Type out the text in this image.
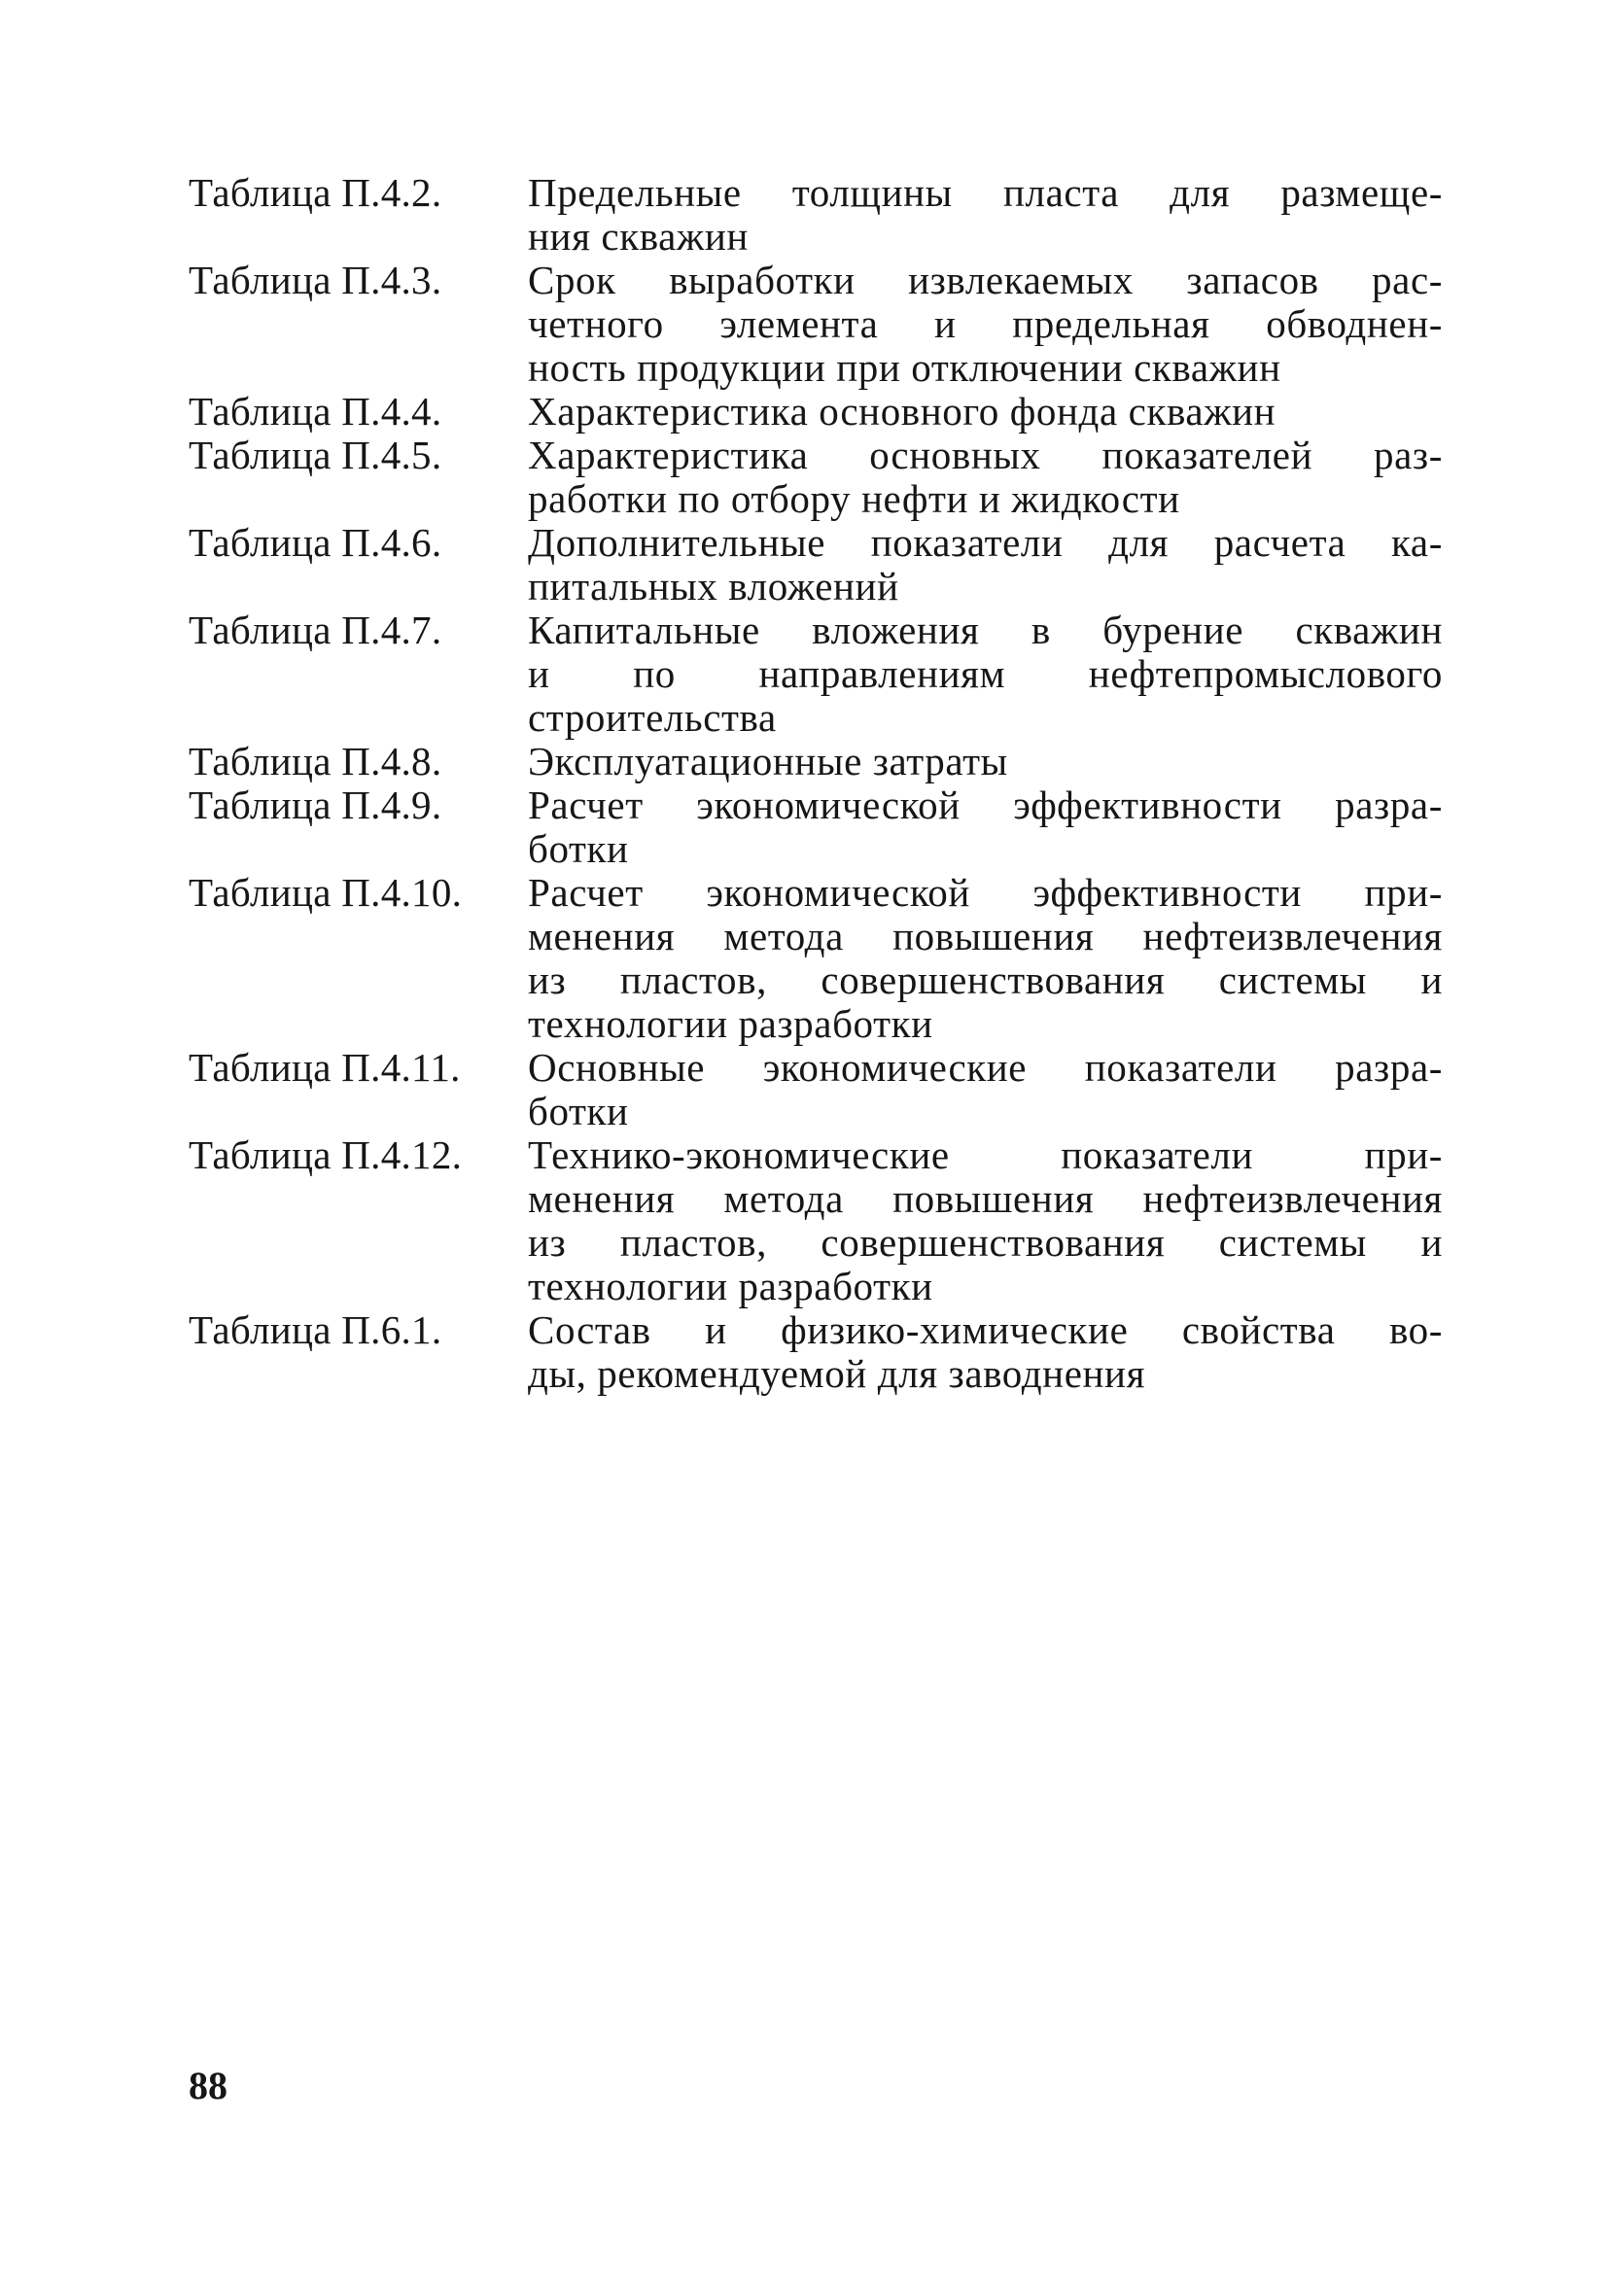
Таблица П.4.2.	Предельные толщины пласта для размеще-
ния скважин
Таблица П.4.3.	Срок выработки извлекаемых запасов рас-
четного элемента и предельная обводнен-
ность продукции при отключении скважин
Таблица П.4.4.	Характеристика основного фонда скважин
Таблица П.4.5.	Характеристика основных показателей раз-
работки по отбору нефти и жидкости
Таблица П.4.6.	Дополнительные показатели для расчета ка-
питальных вложений
Таблица П.4.7.	Капитальные вложения в бурение скважин
и по направлениям нефтепромыслового
строительства
Таблица П.4.8.	Эксплуатационные затраты
Таблица П.4.9.	Расчет экономической эффективности разра-
ботки
Таблица П.4.10.	Расчет экономической эффективности при-
менения метода повышения нефтеизвлечения
из пластов, совершенствования системы и
технологии разработки
Таблица П.4.11.	Основные экономические показатели разра-
ботки
Таблица П.4.12.	Технико-экономические показатели при-
менения метода повышения нефтеизвлечения
из пластов, совершенствования системы и
технологии разработки
Таблица П.6.1.	Состав и физико-химические свойства во-
ды, рекомендуемой для заводнения
88
